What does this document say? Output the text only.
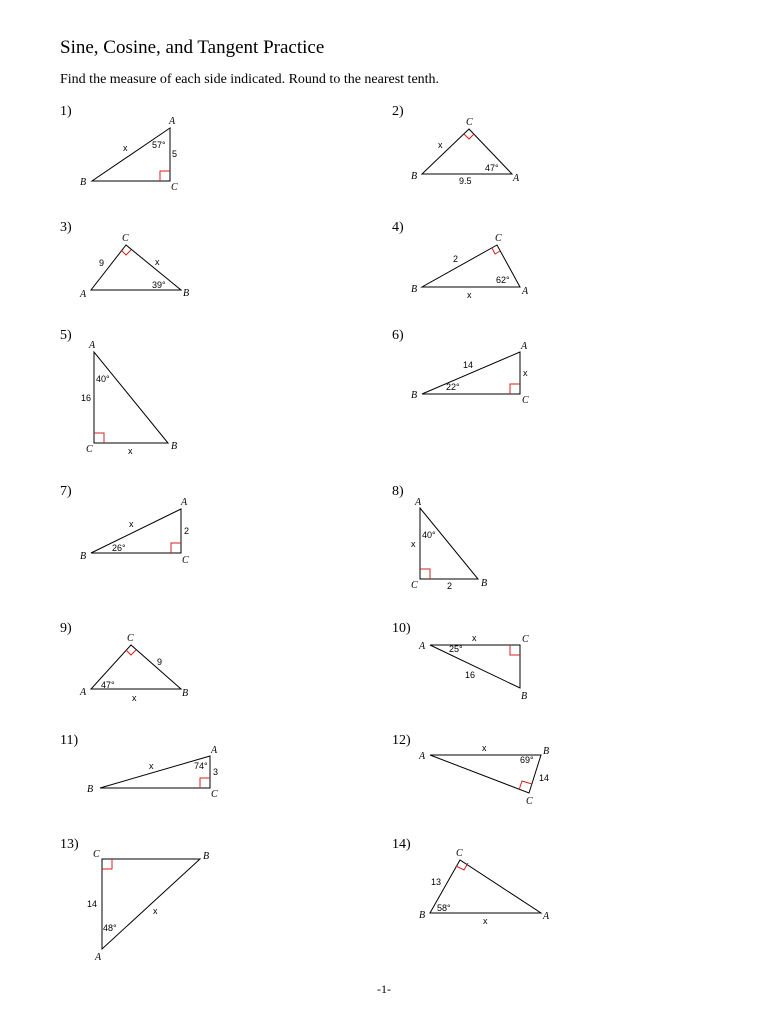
Sine, Cosine, and Tangent Practice
Find the measure of each side indicated. Round to the nearest tenth.
1)	2)
3)	4)
5)	6)
7)	8)
9)	10)
11)	12)
13)	14)
A
B	C
x	57°
5
C
B	A
x
47°
9.5
C
A	B
9	x
39°
C
B	A
2
62°
x
A
C	B
40°
16
x
A
B	C
14
22°
x
A
B	C
x
2
26°
A
C	B
40°
x
2
C
A	B
9
47°
x
A
C
B
x
25°
16
A
B	C
x	74°
3
A	B
C
x
69°
14
C	B
A
14
x
48°
C
B	A
13
58°
x
-1-
